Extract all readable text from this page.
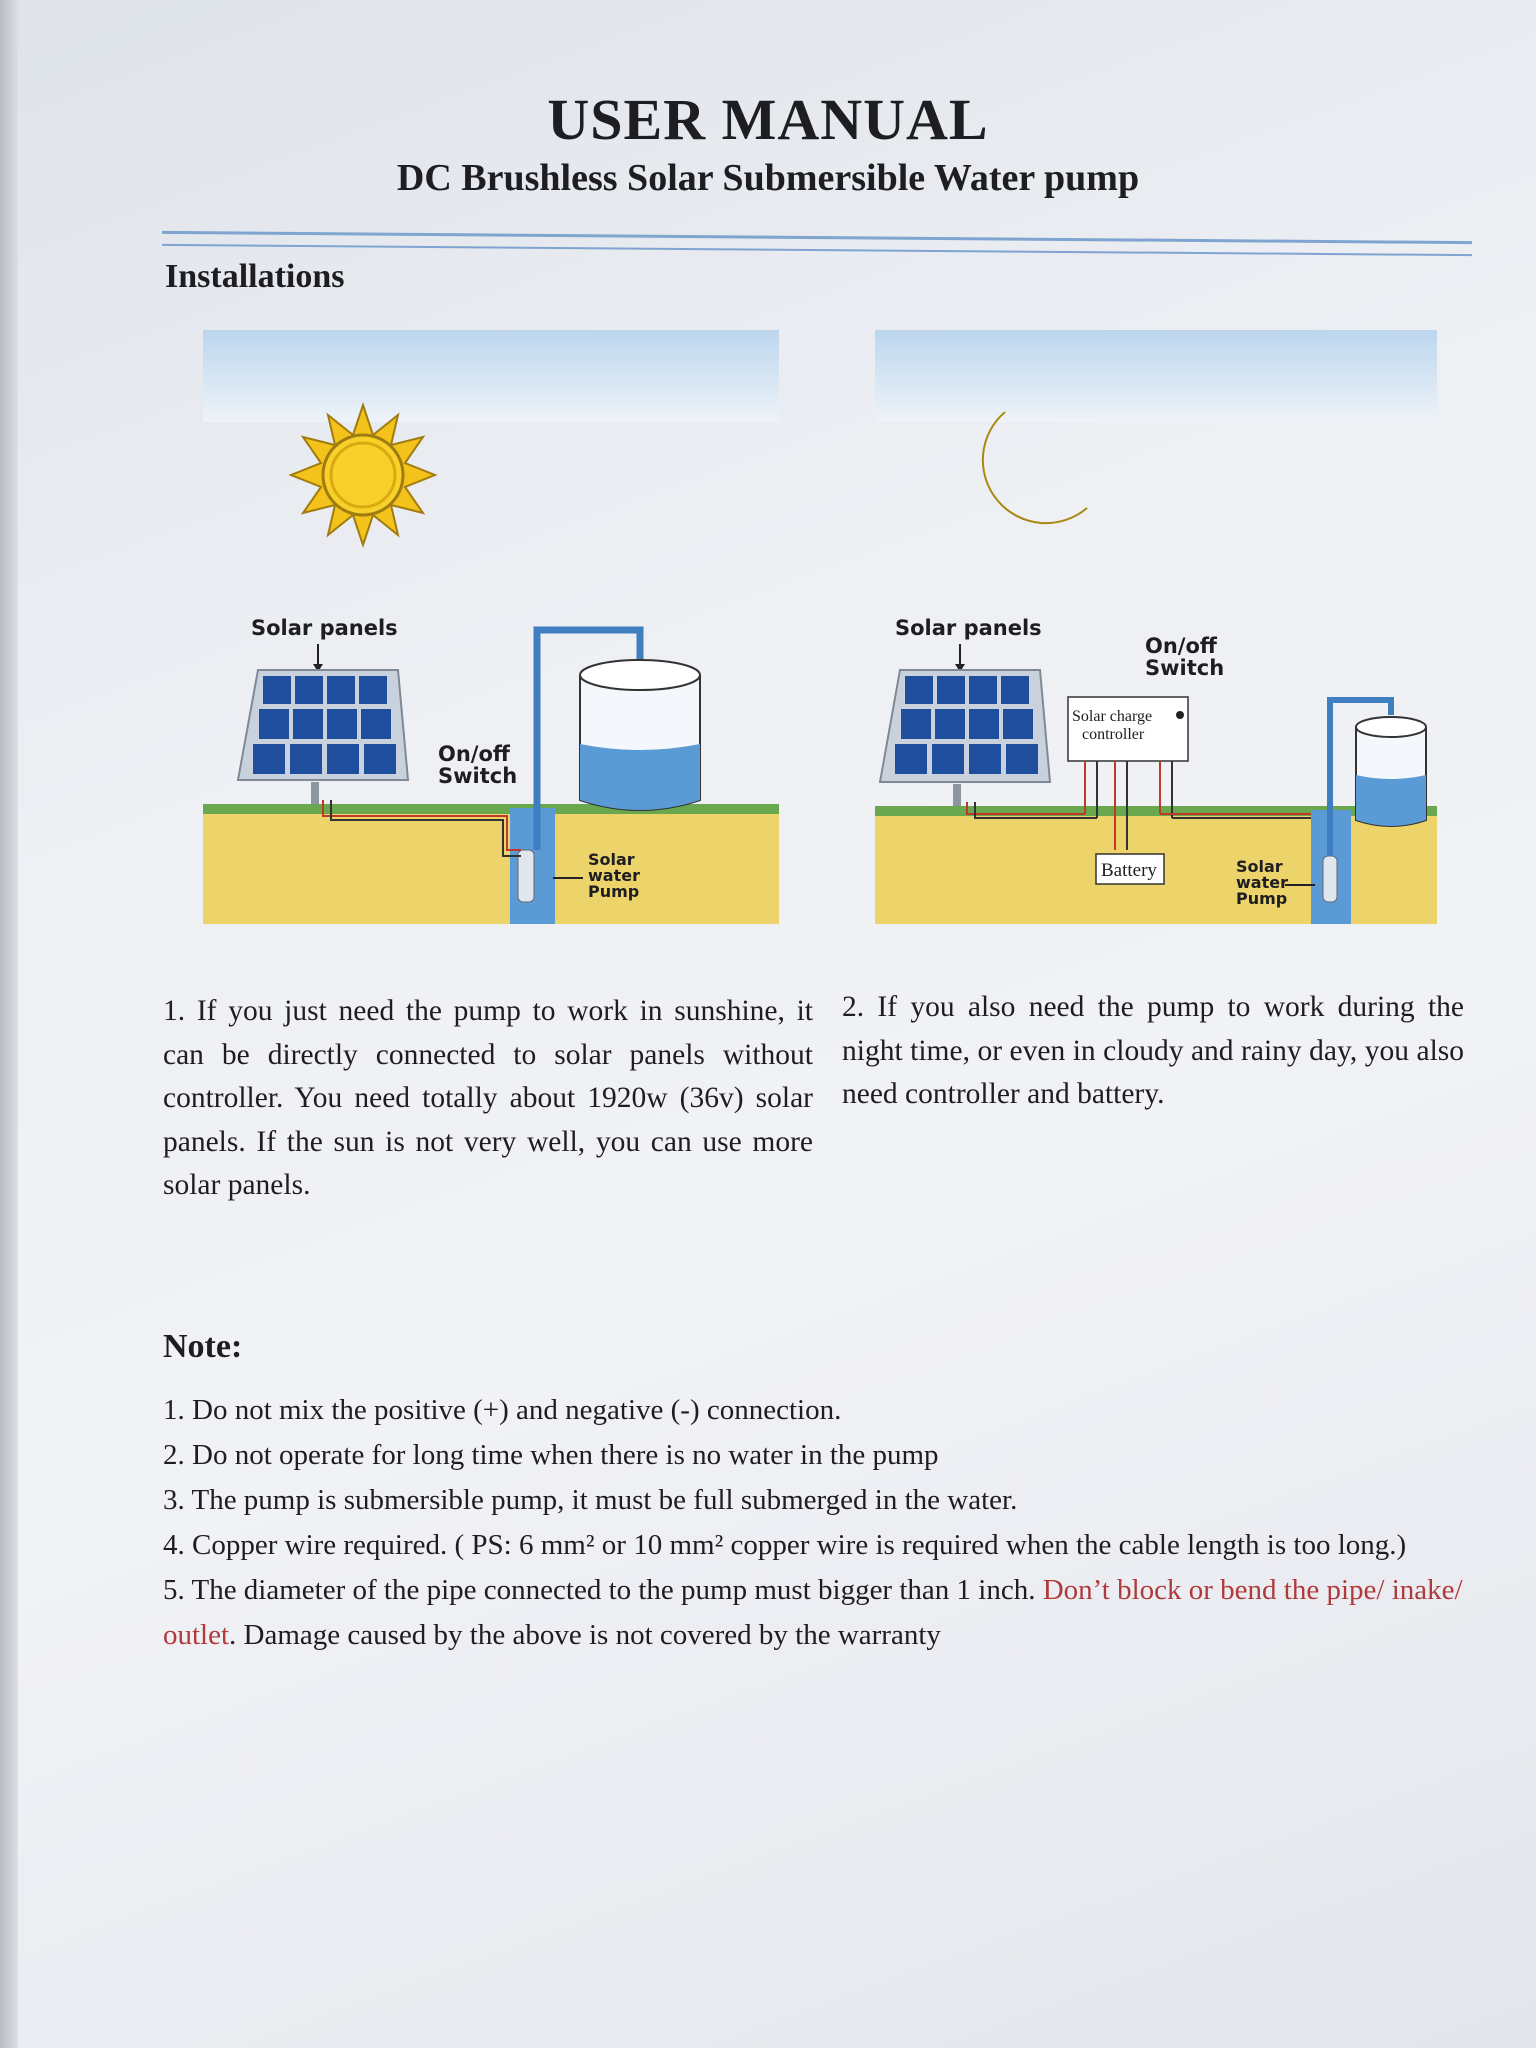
USER MANUAL
DC Brushless Solar Submersible Water pump
Installations
Solar panels
On/off
Switch
Solar
water
Pump
Solar panels
On/off
Switch
Solar charge
controller
Battery	Solar
water
Pump
1. If you just need the pump to work in sunshine, it can be directly connected to solar panels without controller. You need totally about 1920w (36v) solar panels. If the sun is not very well, you can use more solar panels.
2. If you also need the pump to work during the night time, or even in cloudy and rainy day, you also need controller and battery.
Note:
1. Do not mix the positive (+) and negative (-) connection.
2. Do not operate for long time when there is no water in the pump
3. The pump is submersible pump, it must be full submerged in the water.
4. Copper wire required. ( PS: 6 mm² or 10 mm² copper wire is required when the cable length is too long.)
5. The diameter of the pipe connected to the pump must bigger than 1 inch. Don’t block or bend the pipe/ inake/ outlet. Damage caused by the above is not covered by the warranty
